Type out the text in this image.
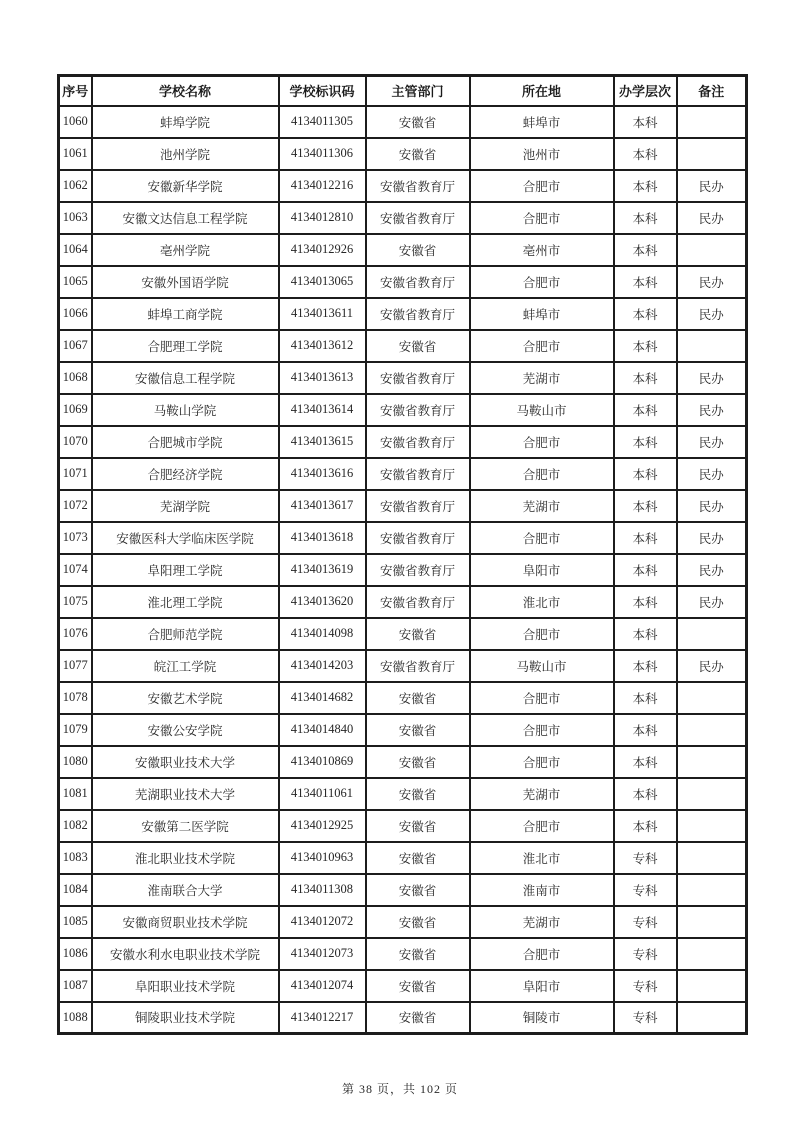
序号	学校名称	学校标识码	主管部门	所在地	办学层次	备注
1060	蚌埠学院	4134011305	安徽省	蚌埠市	本科	
1061	池州学院	4134011306	安徽省	池州市	本科	
1062	安徽新华学院	4134012216	安徽省教育厅	合肥市	本科	民办
1063	安徽文达信息工程学院	4134012810	安徽省教育厅	合肥市	本科	民办
1064	亳州学院	4134012926	安徽省	亳州市	本科	
1065	安徽外国语学院	4134013065	安徽省教育厅	合肥市	本科	民办
1066	蚌埠工商学院	4134013611	安徽省教育厅	蚌埠市	本科	民办
1067	合肥理工学院	4134013612	安徽省	合肥市	本科	
1068	安徽信息工程学院	4134013613	安徽省教育厅	芜湖市	本科	民办
1069	马鞍山学院	4134013614	安徽省教育厅	马鞍山市	本科	民办
1070	合肥城市学院	4134013615	安徽省教育厅	合肥市	本科	民办
1071	合肥经济学院	4134013616	安徽省教育厅	合肥市	本科	民办
1072	芜湖学院	4134013617	安徽省教育厅	芜湖市	本科	民办
1073	安徽医科大学临床医学院	4134013618	安徽省教育厅	合肥市	本科	民办
1074	阜阳理工学院	4134013619	安徽省教育厅	阜阳市	本科	民办
1075	淮北理工学院	4134013620	安徽省教育厅	淮北市	本科	民办
1076	合肥师范学院	4134014098	安徽省	合肥市	本科	
1077	皖江工学院	4134014203	安徽省教育厅	马鞍山市	本科	民办
1078	安徽艺术学院	4134014682	安徽省	合肥市	本科	
1079	安徽公安学院	4134014840	安徽省	合肥市	本科	
1080	安徽职业技术大学	4134010869	安徽省	合肥市	本科	
1081	芜湖职业技术大学	4134011061	安徽省	芜湖市	本科	
1082	安徽第二医学院	4134012925	安徽省	合肥市	本科	
1083	淮北职业技术学院	4134010963	安徽省	淮北市	专科	
1084	淮南联合大学	4134011308	安徽省	淮南市	专科	
1085	安徽商贸职业技术学院	4134012072	安徽省	芜湖市	专科	
1086	安徽水利水电职业技术学院	4134012073	安徽省	合肥市	专科	
1087	阜阳职业技术学院	4134012074	安徽省	阜阳市	专科	
1088	铜陵职业技术学院	4134012217	安徽省	铜陵市	专科	
第 38 页，共 102 页
